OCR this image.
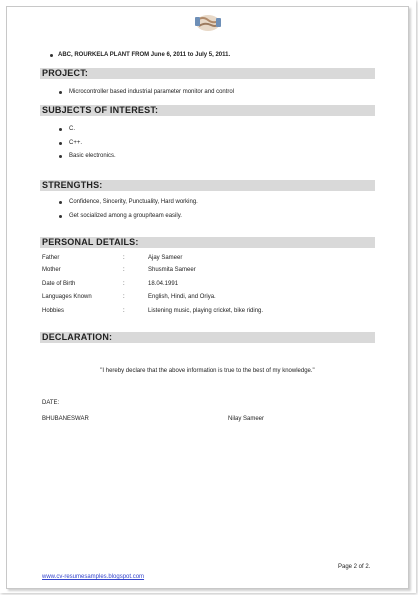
ABC, ROURKELA PLANT FROM June 6, 2011 to July 5, 2011.
PROJECT:
Microcontroller based industrial parameter monitor and control
SUBJECTS OF INTEREST:
C.
C++.
Basic electronics.
STRENGTHS:
Confidence, Sincerity, Punctuality, Hard working.
Get socialized among a group/team easily.
PERSONAL DETAILS:
Father	:	Ajay Sameer
Mother	:	Shusmita Sameer
Date of Birth	:	18.04.1991
Languages Known	:	English, Hindi, and Oriya.
Hobbies	:	Listening music, playing cricket, bike riding.
DECLARATION:
"I hereby declare that the above information is true to the best of my knowledge."
DATE:
BHUBANESWAR	Nilay Sameer
Page 2 of 2.
www.cv-resumesamples.blogspot.com
